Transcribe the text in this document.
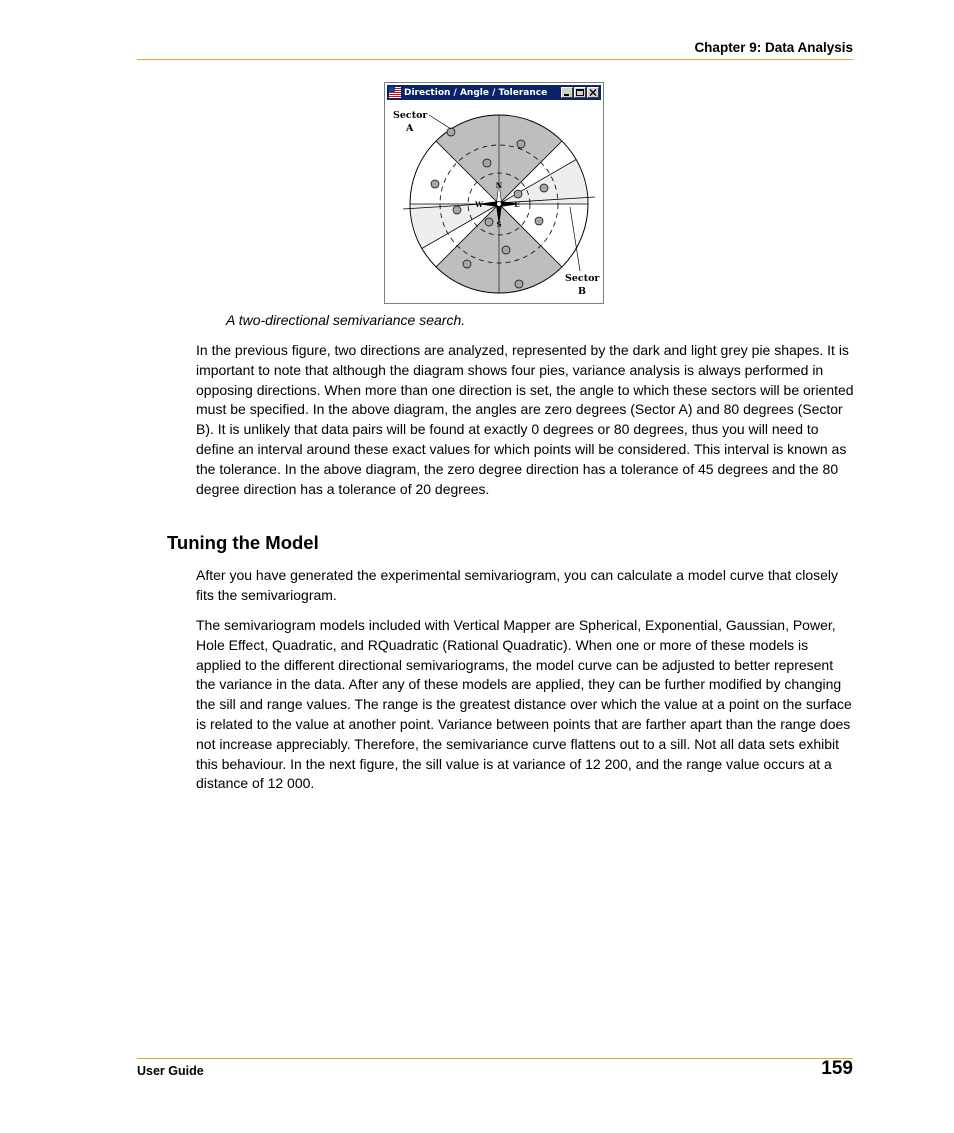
Chapter 9: Data Analysis
Direction / Angle / Tolerance
N
E
S
W
Sector
A
Sector
B
A two-directional semivariance search.

In the previous figure, two directions are analyzed, represented by the dark and light grey pie shapes. It is important to note that although the diagram shows four pies, variance analysis is always performed in opposing directions. When more than one direction is set, the angle to which these sectors will be oriented must be specified. In the above diagram, the angles are zero degrees (Sector A) and 80 degrees (Sector B). It is unlikely that data pairs will be found at exactly 0 degrees or 80 degrees, thus you will need to define an interval around these exact values for which points will be considered. This interval is known as the tolerance. In the above diagram, the zero degree direction has a tolerance of 45 degrees and the 80 degree direction has a tolerance of 20 degrees.

Tuning the Model

After you have generated the experimental semivariogram, you can calculate a model curve that closely fits the semivariogram.

The semivariogram models included with Vertical Mapper are Spherical, Exponential, Gaussian, Power, Hole Effect, Quadratic, and RQuadratic (Rational Quadratic). When one or more of these models is applied to the different directional semivariograms, the model curve can be adjusted to better represent the variance in the data. After any of these models are applied, they can be further modified by changing the sill and range values. The range is the greatest distance over which the value at a point on the surface is related to the value at another point. Variance between points that are farther apart than the range does not increase appreciably. Therefore, the semivariance curve flattens out to a sill. Not all data sets exhibit this behaviour. In the next figure, the sill value is at variance of 12 200, and the range value occurs at a distance of 12 000.

User Guide	159
